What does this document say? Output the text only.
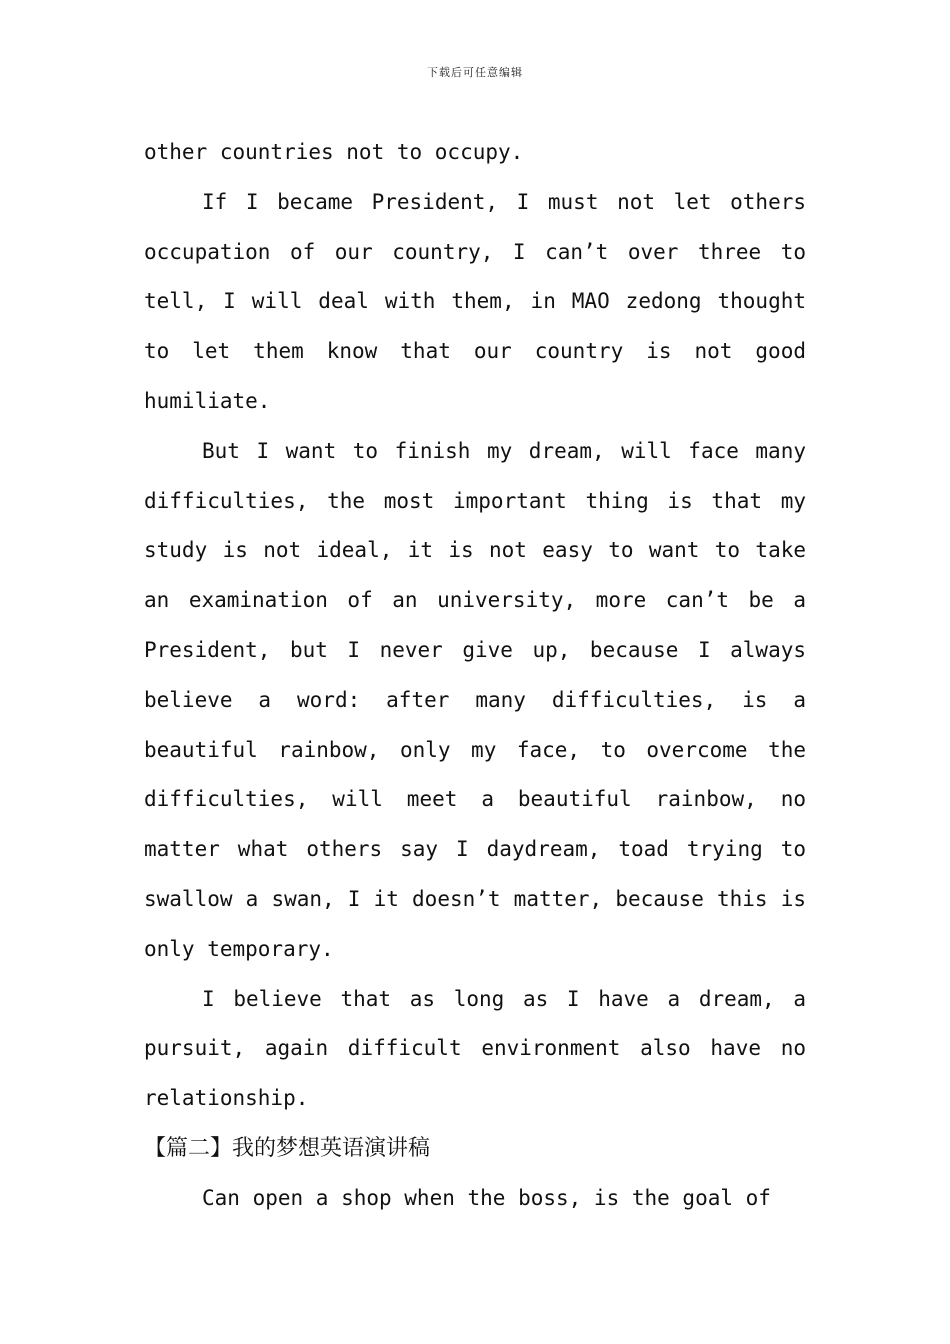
下载后可任意编辑

other countries not to occupy.

If I became President, I must not let others occupation of our country, I can’t over three to tell, I will deal with them, in MAO zedong thought to let them know that our country is not good humiliate.

But I want to finish my dream, will face many difficulties, the most important thing is that my study is not ideal, it is not easy to want to take an examination of an university, more can’t be a President, but I never give up, because I always believe a word: after many difficulties, is a beautiful rainbow, only my face, to overcome the difficulties, will meet a beautiful rainbow, no matter what others say I daydream, toad trying to swallow a swan, I it doesn’t matter, because this is only temporary.

I believe that as long as I have a dream, a pursuit, again difficult environment also have no relationship.

【篇二】我的梦想英语演讲稿

Can open a shop when the boss, is the goal of
